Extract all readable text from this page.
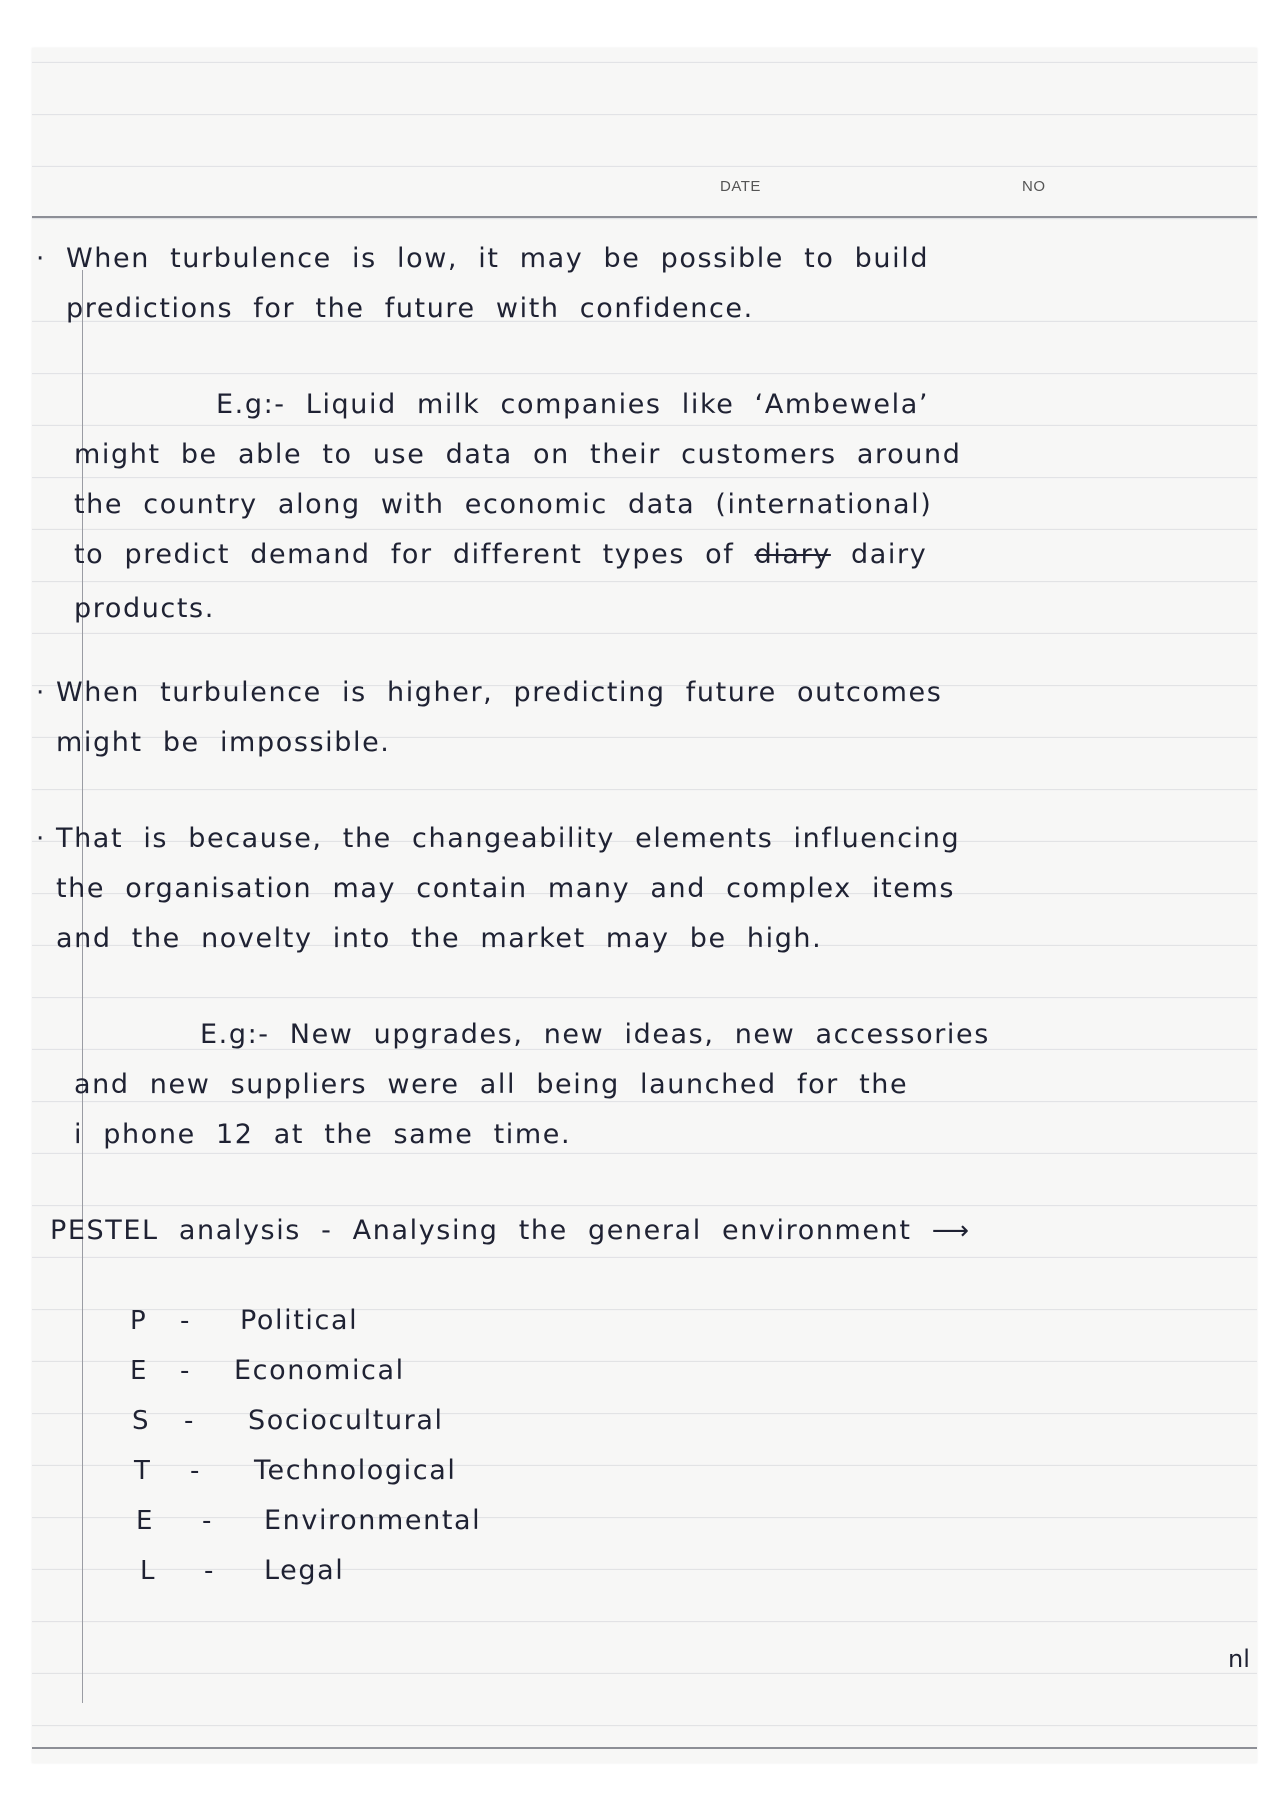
DATE	NO
· When turbulence is low, it may be possible to build
predictions for the future with confidence.
E.g:- Liquid milk companies like ‘Ambewela’
might be able to use data on their customers around
the country along with economic data (international)
to predict demand for different types of diary dairy
products.
· When turbulence is higher, predicting future outcomes
might be impossible.
· That is because, the changeability elements influencing
the organisation may contain many and complex items
and the novelty into the market may be high.
E.g:- New upgrades, new ideas, new accessories
and new suppliers were all being launched for the
i phone 12 at the same time.
PESTEL analysis - Analysing the general environment ⟶
P - Political
E - Economical
S - Sociocultural
T - Technological
E - Environmental
L - Legal
nl
